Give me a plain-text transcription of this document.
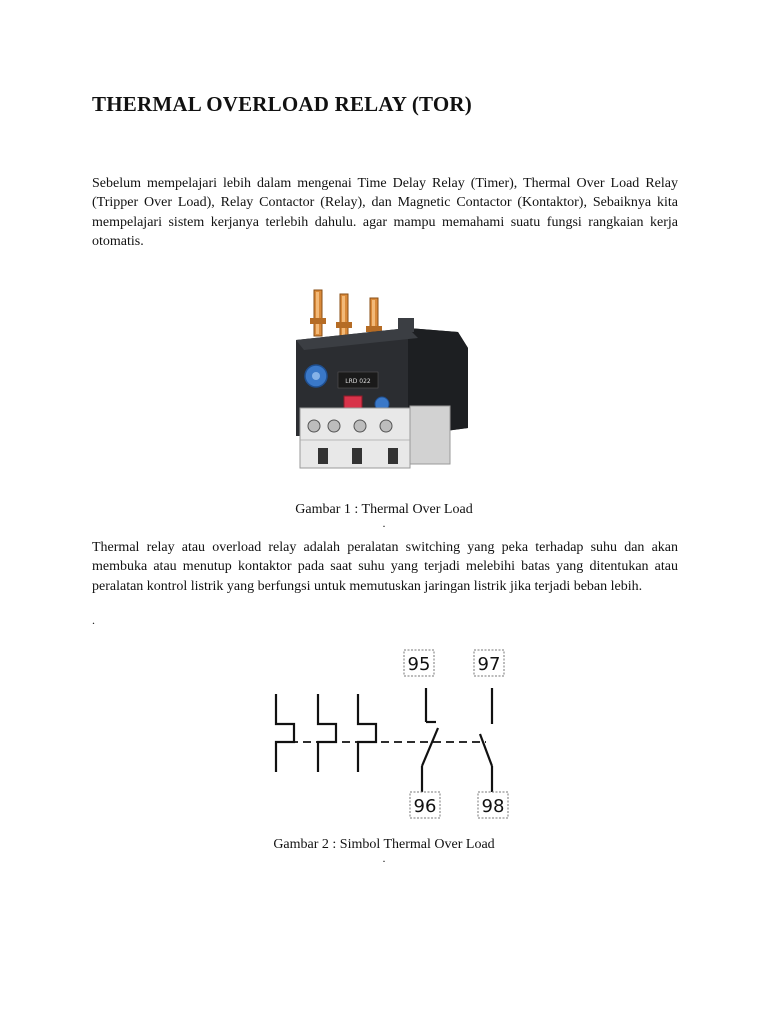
THERMAL OVERLOAD RELAY (TOR)

Sebelum mempelajari lebih dalam mengenai Time Delay Relay (Timer), Thermal Over Load Relay (Tripper Over Load), Relay Contactor (Relay), dan Magnetic Contactor (Kontaktor), Sebaiknya kita mempelajari sistem kerjanya terlebih dahulu. agar mampu memahami suatu fungsi rangkaian kerja otomatis.

LRD 022
Gambar 1 : Thermal Over Load
.

Thermal relay atau overload relay adalah peralatan switching yang peka terhadap suhu dan akan membuka atau menutup kontaktor pada saat suhu yang terjadi melebihi batas yang ditentukan atau peralatan kontrol listrik yang berfungsi untuk memutuskan jaringan listrik jika terjadi beban lebih.

.
95	97
96	98
Gambar 2 : Simbol Thermal Over Load
.
